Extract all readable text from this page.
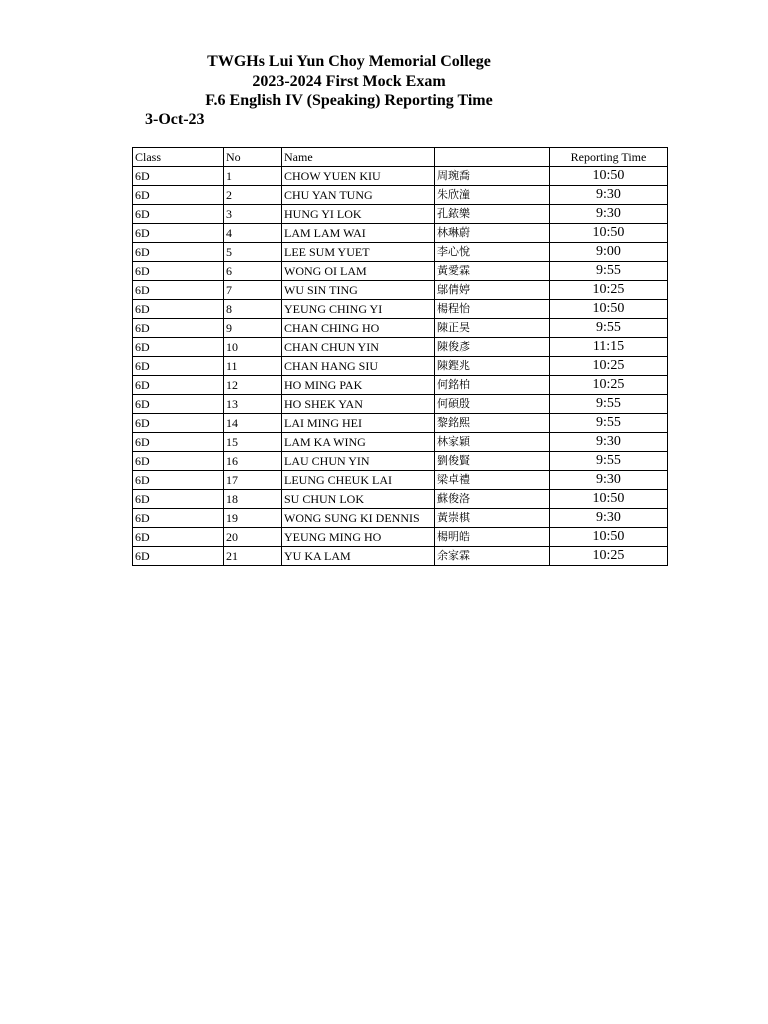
TWGHs Lui Yun Choy Memorial College
2023-2024 First Mock Exam
F.6 English IV (Speaking) Reporting Time
3-Oct-23
Class	No	Name		Reporting Time
6D	1	CHOW YUEN KIU	周琬喬	10:50
6D	2	CHU YAN TUNG	朱欣潼	9:30
6D	3	HUNG YI LOK	孔銥樂	9:30
6D	4	LAM LAM WAI	林琳蔚	10:50
6D	5	LEE SUM YUET	李心悅	9:00
6D	6	WONG OI LAM	黃愛霖	9:55
6D	7	WU SIN TING	鄔倩婷	10:25
6D	8	YEUNG CHING YI	楊程怡	10:50
6D	9	CHAN CHING HO	陳正昊	9:55
6D	10	CHAN CHUN YIN	陳俊彥	11:15
6D	11	CHAN HANG SIU	陳鏗兆	10:25
6D	12	HO MING PAK	何銘柏	10:25
6D	13	HO SHEK YAN	何碩殷	9:55
6D	14	LAI MING HEI	黎銘熙	9:55
6D	15	LAM KA WING	林家穎	9:30
6D	16	LAU CHUN YIN	劉俊賢	9:55
6D	17	LEUNG CHEUK LAI	梁卓禮	9:30
6D	18	SU CHUN LOK	蘇俊洛	10:50
6D	19	WONG SUNG KI DENNIS	黃崇棋	9:30
6D	20	YEUNG MING HO	楊明皓	10:50
6D	21	YU KA LAM	余家霖	10:25
